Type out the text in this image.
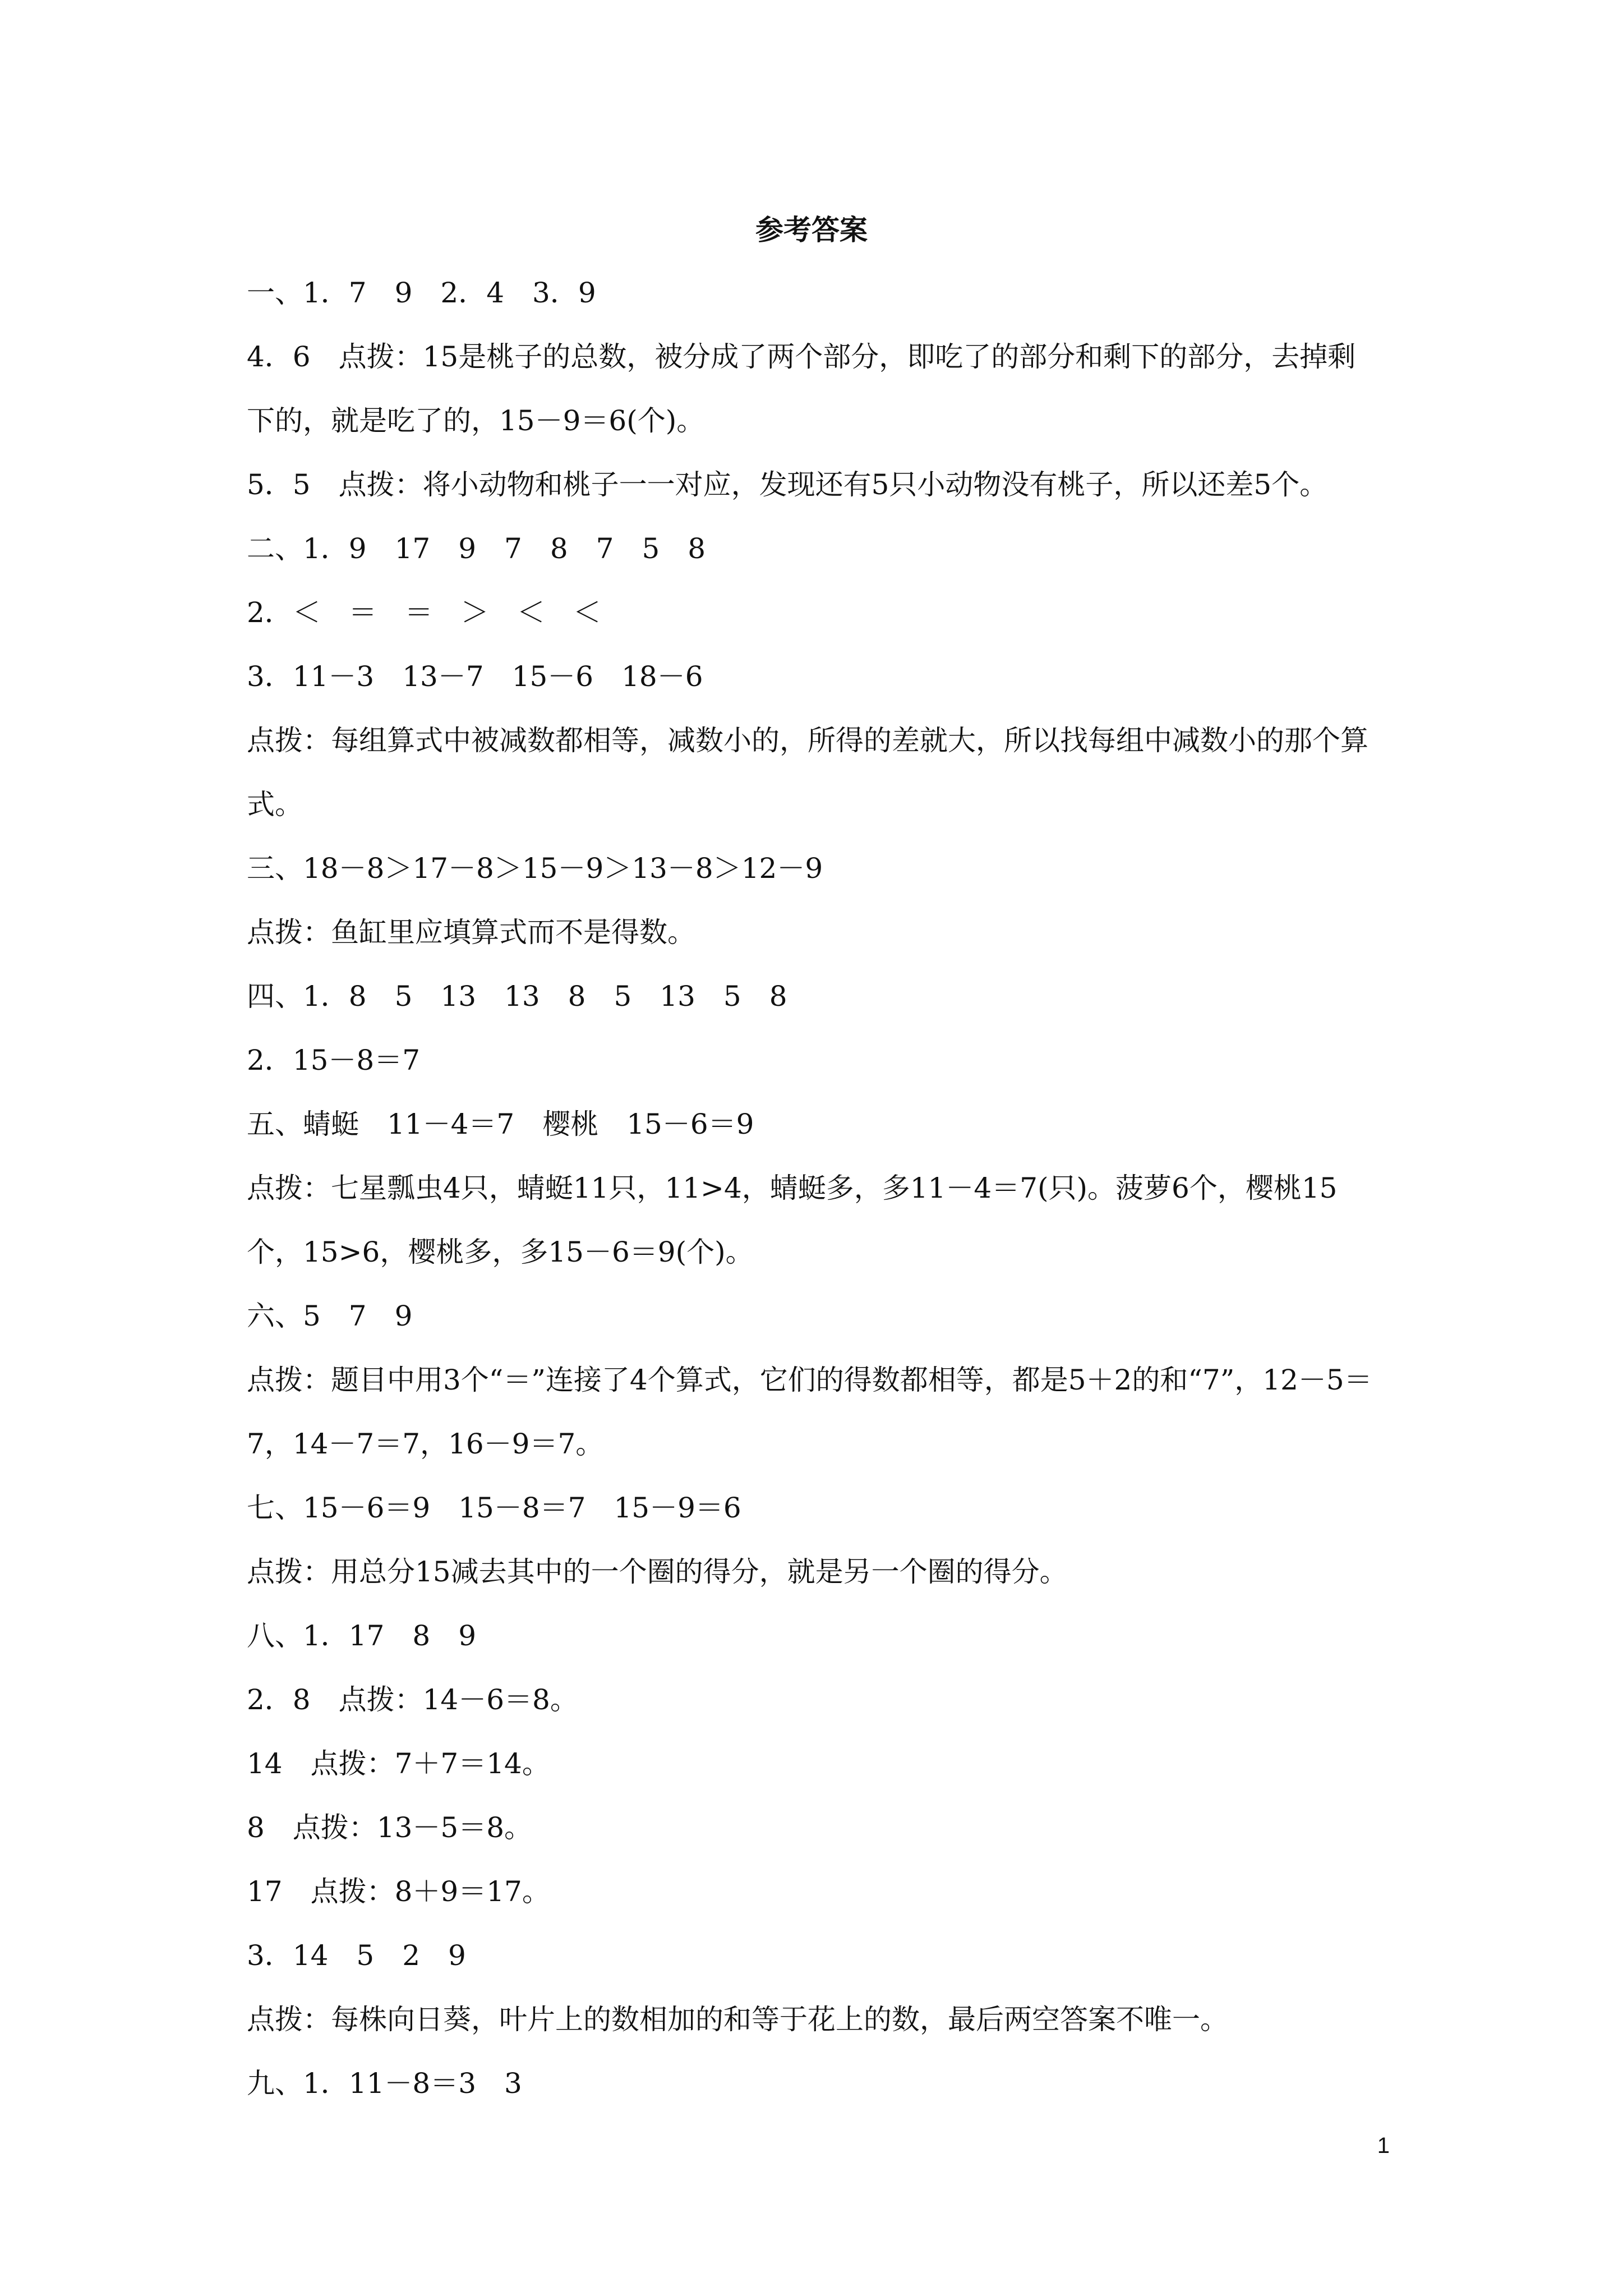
参考答案
一、1．7　9　2．4　3．9
4．6　点拨：15是桃子的总数，被分成了两个部分，即吃了的部分和剩下的部分，去掉剩
下的，就是吃了的，15－9＝6(个)。
5．5　点拨：将小动物和桃子一一对应，发现还有5只小动物没有桃子，所以还差5个。
二、1．9　17　9　7　8　7　5　8
2．＜　＝　＝　＞　＜　＜
3．11－3　13－7　15－6　18－6
点拨：每组算式中被减数都相等，减数小的，所得的差就大，所以找每组中减数小的那个算
式。
三、18－8＞17－8＞15－9＞13－8＞12－9
点拨：鱼缸里应填算式而不是得数。
四、1．8　5　13　13　8　5　13　5　8
2．15－8＝7
五、蜻蜓　11－4＝7　樱桃　15－6＝9
点拨：七星瓢虫4只，蜻蜓11只，11>4，蜻蜓多，多11－4＝7(只)。菠萝6个，樱桃15
个，15>6，樱桃多，多15－6＝9(个)。
六、5　7　9
点拨：题目中用3个“＝”连接了4个算式，它们的得数都相等，都是5＋2的和“7”，12－5＝
7，14－7＝7，16－9＝7。
七、15－6＝9　15－8＝7　15－9＝6
点拨：用总分15减去其中的一个圈的得分，就是另一个圈的得分。
八、1．17　8　9
2．8　点拨：14－6＝8。
14　点拨：7＋7＝14。
8　点拨：13－5＝8。
17　点拨：8＋9＝17。
3．14　5　2　9
点拨：每株向日葵，叶片上的数相加的和等于花上的数，最后两空答案不唯一。
九、1．11－8＝3　3
1
